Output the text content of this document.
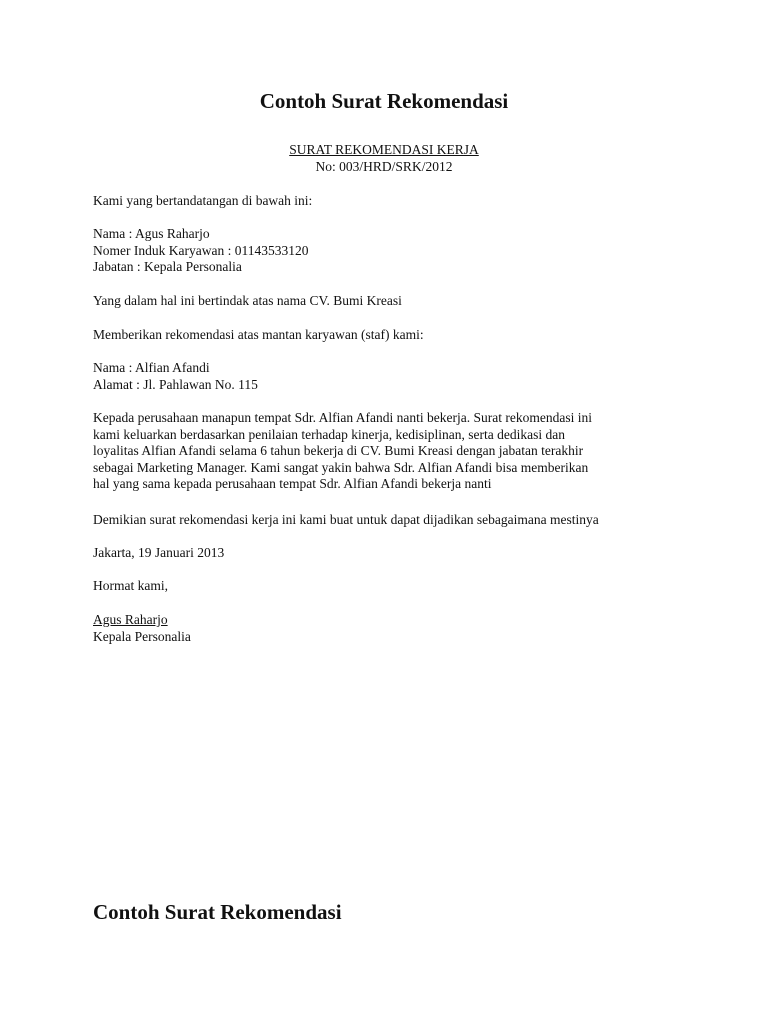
Contoh Surat Rekomendasi
SURAT REKOMENDASI KERJA
No: 003/HRD/SRK/2012

Kami yang bertandatangan di bawah ini:

Nama : Agus Raharjo
Nomer Induk Karyawan : 01143533120
Jabatan : Kepala Personalia

Yang dalam hal ini bertindak atas nama CV. Bumi Kreasi

Memberikan rekomendasi atas mantan karyawan (staf) kami:

Nama : Alfian Afandi
Alamat : Jl. Pahlawan No. 115

Kepada perusahaan manapun tempat Sdr. Alfian Afandi nanti bekerja. Surat rekomendasi ini
kami keluarkan berdasarkan penilaian terhadap kinerja, kedisiplinan, serta dedikasi dan
loyalitas Alfian Afandi selama 6 tahun bekerja di CV. Bumi Kreasi dengan jabatan terakhir
sebagai Marketing Manager. Kami sangat yakin bahwa Sdr. Alfian Afandi bisa memberikan
hal yang sama kepada perusahaan tempat Sdr. Alfian Afandi bekerja nanti

Demikian surat rekomendasi kerja ini kami buat untuk dapat dijadikan sebagaimana mestinya

Jakarta, 19 Januari 2013

Hormat kami,

Agus Raharjo
Kepala Personalia

Contoh Surat Rekomendasi
